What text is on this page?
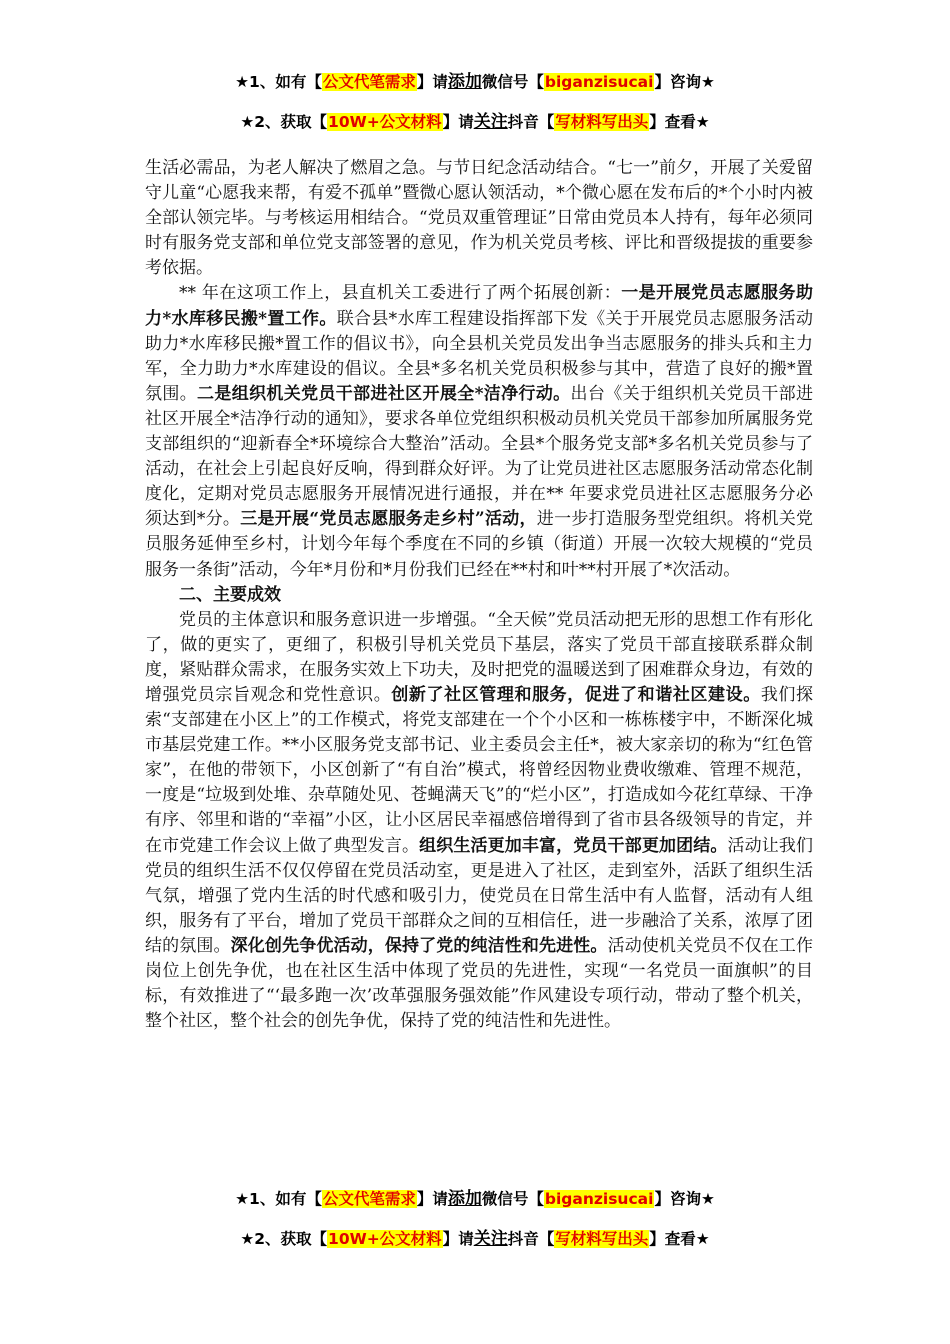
★1、如有【公文代笔需求】请添加微信号【biganzisucai】咨询★
★2、获取【10W+公文材料】请关注抖音【写材料写出头】查看★

生活必需品，为老人解决了燃眉之急。与节日纪念活动结合。“七一”前夕，开展了关爱留守儿童“心愿我来帮，有爱不孤单”暨微心愿认领活动，*个微心愿在发布后的*个小时内被全部认领完毕。与考核运用相结合。“党员双重管理证”日常由党员本人持有，每年必须同时有服务党支部和单位党支部签署的意见，作为机关党员考核、评比和晋级提拔的重要参考依据。

** 年在这项工作上，县直机关工委进行了两个拓展创新：一是开展党员志愿服务助力*水库移民搬*置工作。联合县*水库工程建设指挥部下发《关于开展党员志愿服务活动助力*水库移民搬*置工作的倡议书》，向全县机关党员发出争当志愿服务的排头兵和主力军，全力助力*水库建设的倡议。全县*多名机关党员积极参与其中，营造了良好的搬*置氛围。二是组织机关党员干部进社区开展全*洁净行动。出台《关于组织机关党员干部进社区开展全*洁净行动的通知》，要求各单位党组织积极动员机关党员干部参加所属服务党支部组织的“迎新春全*环境综合大整治”活动。全县*个服务党支部*多名机关党员参与了活动，在社会上引起良好反响，得到群众好评。为了让党员进社区志愿服务活动常态化制度化，定期对党员志愿服务开展情况进行通报，并在** 年要求党员进社区志愿服务分必须达到*分。三是开展“党员志愿服务走乡村”活动，进一步打造服务型党组织。将机关党员服务延伸至乡村，计划今年每个季度在不同的乡镇（街道）开展一次较大规模的“党员服务一条街”活动，今年*月份和*月份我们已经在**村和叶**村开展了*次活动。

二、主要成效

党员的主体意识和服务意识进一步增强。“全天候”党员活动把无形的思想工作有形化了，做的更实了，更细了，积极引导机关党员下基层，落实了党员干部直接联系群众制度，紧贴群众需求，在服务实效上下功夫，及时把党的温暖送到了困难群众身边，有效的增强党员宗旨观念和党性意识。创新了社区管理和服务，促进了和谐社区建设。我们探索“支部建在小区上”的工作模式，将党支部建在一个个小区和一栋栋楼宇中，不断深化城市基层党建工作。**小区服务党支部书记、业主委员会主任*，被大家亲切的称为“红色管家”，在他的带领下，小区创新了“有自治”模式，将曾经因物业费收缴难、管理不规范，一度是“垃圾到处堆、杂草随处见、苍蝇满天飞”的“烂小区”，打造成如今花红草绿、干净有序、邻里和谐的“幸福”小区，让小区居民幸福感倍增得到了省市县各级领导的肯定，并在市党建工作会议上做了典型发言。组织生活更加丰富，党员干部更加团结。活动让我们党员的组织生活不仅仅停留在党员活动室，更是进入了社区，走到室外，活跃了组织生活气氛，增强了党内生活的时代感和吸引力，使党员在日常生活中有人监督，活动有人组织，服务有了平台，增加了党员干部群众之间的互相信任，进一步融洽了关系，浓厚了团结的氛围。深化创先争优活动，保持了党的纯洁性和先进性。活动使机关党员不仅在工作岗位上创先争优，也在社区生活中体现了党员的先进性，实现“一名党员一面旗帜”的目标，有效推进了“‘最多跑一次’改革强服务强效能”作风建设专项行动，带动了整个机关，整个社区，整个社会的创先争优，保持了党的纯洁性和先进性。

★1、如有【公文代笔需求】请添加微信号【biganzisucai】咨询★
★2、获取【10W+公文材料】请关注抖音【写材料写出头】查看★
